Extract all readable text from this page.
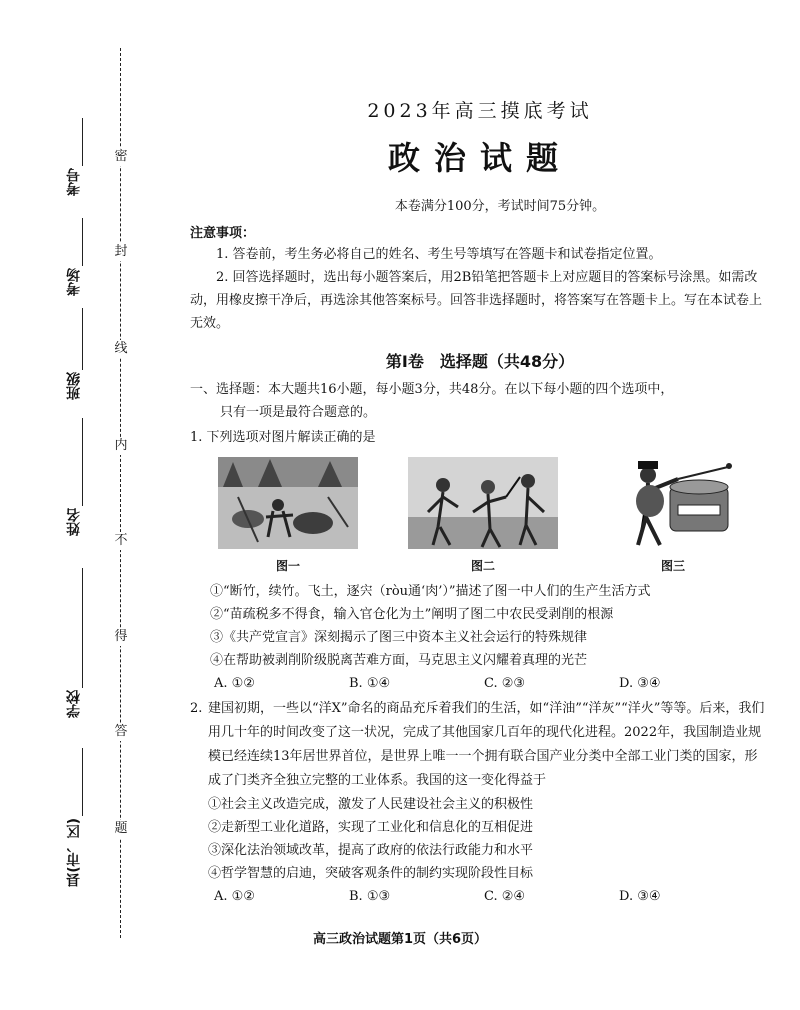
密
封
线
内
不
得
答
题
考号
考场
班级
姓名
学校
县(市、区)
2023年高三摸底考试
政治试题
本卷满分100分，考试时间75分钟。
注意事项：

1. 答卷前，考生务必将自己的姓名、考生号等填写在答题卡和试卷指定位置。

2. 回答选择题时，选出每小题答案后，用2B铅笔把答题卡上对应题目的答案标号涂黑。如需改动，用橡皮擦干净后，再选涂其他答案标号。回答非选择题时，将答案写在答题卡上。写在本试卷上无效。

第Ⅰ卷　选择题（共48分）

一、选择题：本大题共16小题，每小题3分，共48分。在以下每小题的四个选项中，
只有一项是最符合题意的。

1. 下列选项对图片解读正确的是

图一	图二	图三

①“断竹，续竹。飞土，逐宍（ròu通‘肉’）”描述了图一中人们的生产生活方式

②“苗疏税多不得食，输入官仓化为土”阐明了图二中农民受剥削的根源

③《共产党宣言》深刻揭示了图三中资本主义社会运行的特殊规律

④在帮助被剥削阶级脱离苦难方面，马克思主义闪耀着真理的光芒

A. ①②	B. ①④	C. ②③	D. ③④
2. 建国初期，一些以“洋X”命名的商品充斥着我们的生活，如“洋油”“洋灰”“洋火”等等。后来，我们用几十年的时间改变了这一状况，完成了其他国家几百年的现代化进程。2022年，我国制造业规模已经连续13年居世界首位，是世界上唯一一个拥有联合国产业分类中全部工业门类的国家，形成了门类齐全独立完整的工业体系。我国的这一变化得益于

①社会主义改造完成，激发了人民建设社会主义的积极性

②走新型工业化道路，实现了工业化和信息化的互相促进

③深化法治领域改革，提高了政府的依法行政能力和水平

④哲学智慧的启迪，突破客观条件的制约实现阶段性目标

A. ①②	B. ①③	C. ②④	D. ③④
高三政治试题第1页（共6页）
